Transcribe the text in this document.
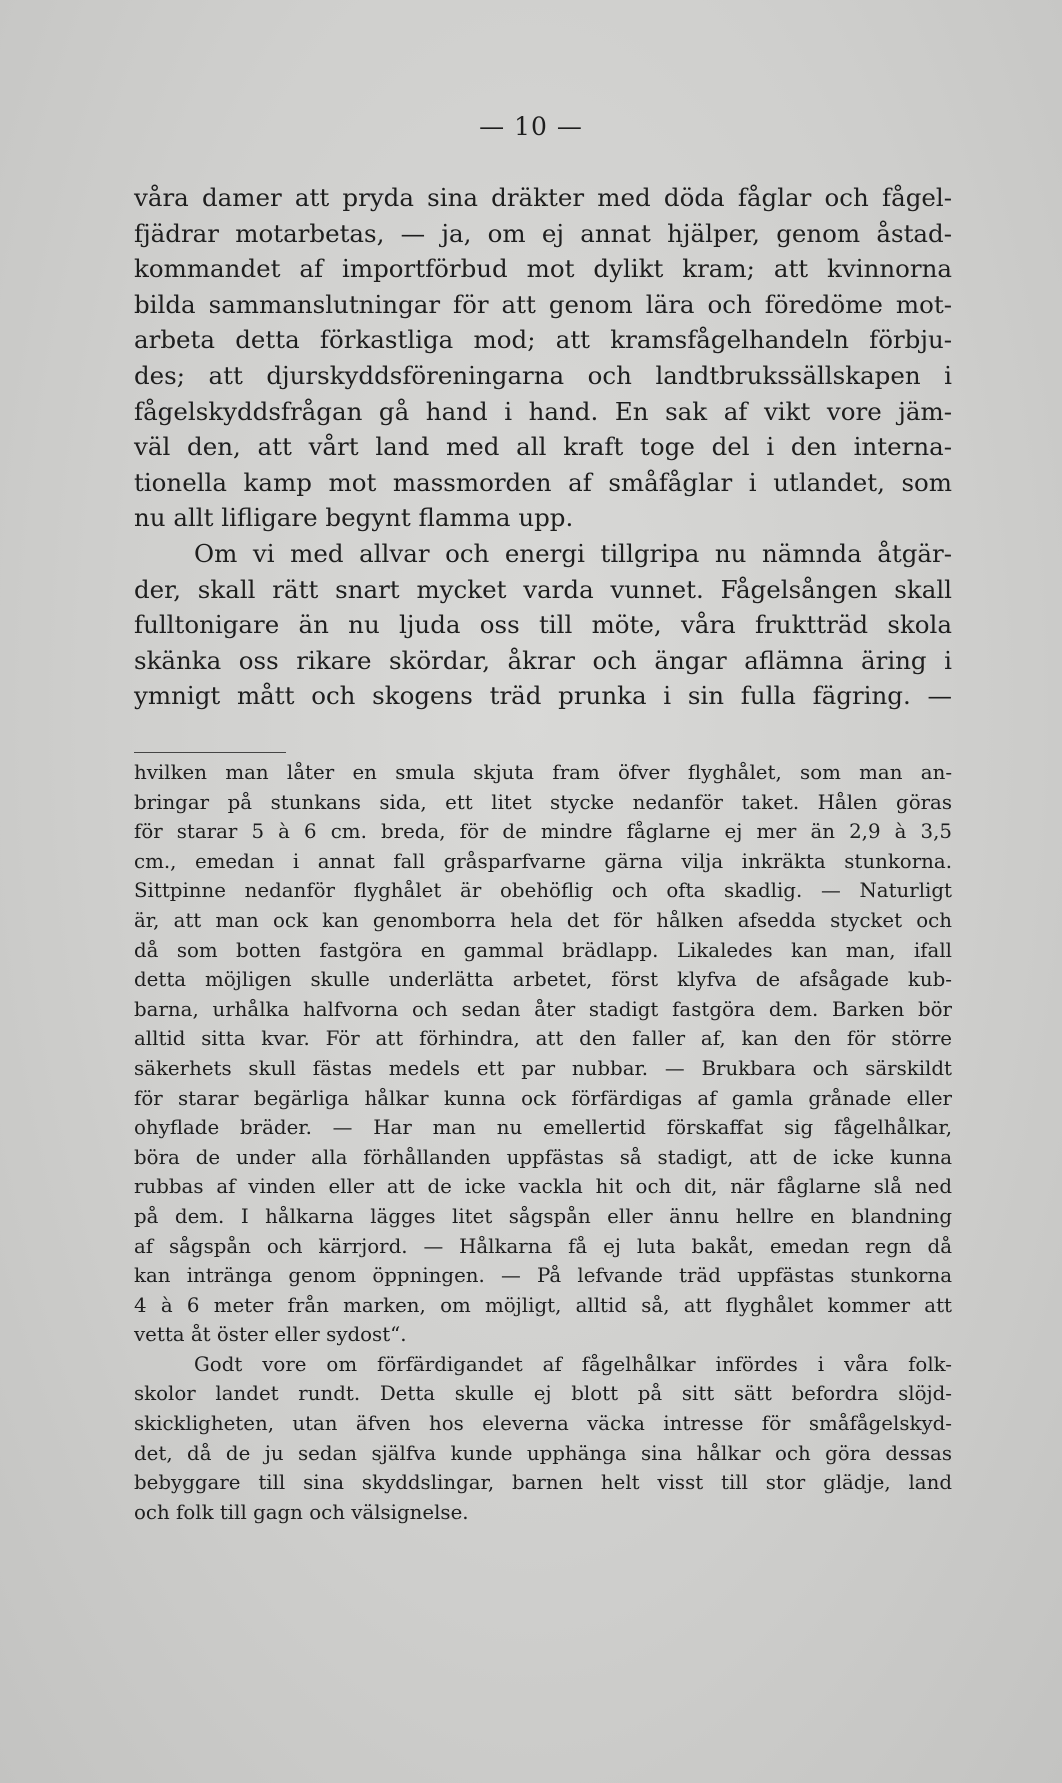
— 10 —
våra damer att pryda sina dräkter med döda fåglar och fågel-
fjädrar motarbetas, — ja, om ej annat hjälper, genom åstad-
kommandet af importförbud mot dylikt kram; att kvinnorna
bilda sammanslutningar för att genom lära och föredöme mot-
arbeta detta förkastliga mod; att kramsfågelhandeln förbju-
des; att djurskyddsföreningarna och landtbrukssällskapen i
fågelskyddsfrågan gå hand i hand. En sak af vikt vore jäm-
väl den, att vårt land med all kraft toge del i den interna-
tionella kamp mot massmorden af småfåglar i utlandet, som
nu allt lifligare begynt flamma upp.
Om vi med allvar och energi tillgripa nu nämnda åtgär-
der, skall rätt snart mycket varda vunnet. Fågelsången skall
fulltonigare än nu ljuda oss till möte, våra fruktträd skola
skänka oss rikare skördar, åkrar och ängar aflämna äring i
ymnigt mått och skogens träd prunka i sin fulla fägring. —
hvilken man låter en smula skjuta fram öfver flyghålet, som man an-
bringar på stunkans sida, ett litet stycke nedanför taket. Hålen göras
för starar 5 à 6 cm. breda, för de mindre fåglarne ej mer än 2,9 à 3,5
cm., emedan i annat fall gråsparfvarne gärna vilja inkräkta stunkorna.
Sittpinne nedanför flyghålet är obehöflig och ofta skadlig. — Naturligt
är, att man ock kan genomborra hela det för hålken afsedda stycket och
då som botten fastgöra en gammal brädlapp. Likaledes kan man, ifall
detta möjligen skulle underlätta arbetet, först klyfva de afsågade kub-
barna, urhålka halfvorna och sedan åter stadigt fastgöra dem. Barken bör
alltid sitta kvar. För att förhindra, att den faller af, kan den för större
säkerhets skull fästas medels ett par nubbar. — Brukbara och särskildt
för starar begärliga hålkar kunna ock förfärdigas af gamla grånade eller
ohyflade bräder. — Har man nu emellertid förskaffat sig fågelhålkar,
böra de under alla förhållanden uppfästas så stadigt, att de icke kunna
rubbas af vinden eller att de icke vackla hit och dit, när fåglarne slå ned
på dem. I hålkarna lägges litet sågspån eller ännu hellre en blandning
af sågspån och kärrjord. — Hålkarna få ej luta bakåt, emedan regn då
kan inträngа genom öppningen. — På lefvande träd uppfästas stunkorna
4 à 6 meter från marken, om möjligt, alltid så, att flyghålet kommer att
vetta åt öster eller sydost“.
Godt vore om förfärdigandet af fågelhålkar infördes i våra folk-
skolor landet rundt. Detta skulle ej blott på sitt sätt befordra slöjd-
skickligheten, utan äfven hos eleverna väcka intresse för småfågelskyd-
det, då de ju sedan själfva kunde upphänga sina hålkar och göra dessas
bebyggare till sina skyddslingar, barnen helt visst till stor glädje, land
och folk till gagn och välsignelse.
